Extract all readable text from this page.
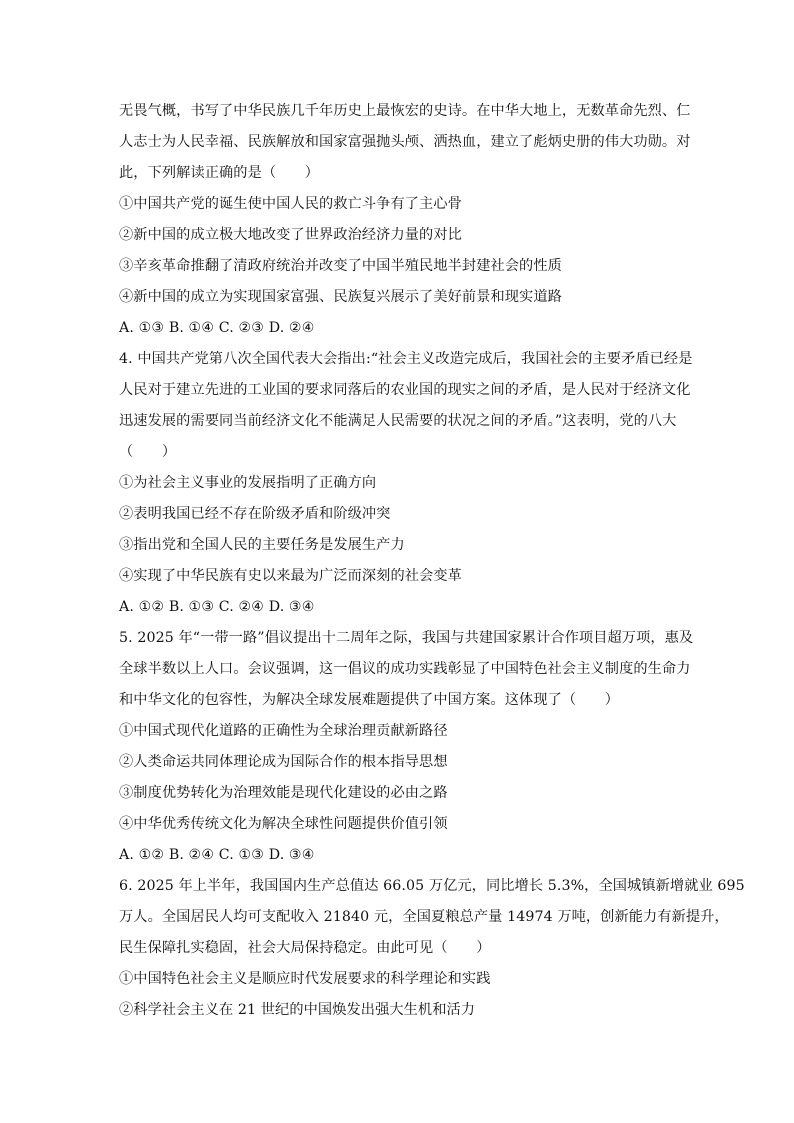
无畏气概，书写了中华民族几千年历史上最恢宏的史诗。在中华大地上，无数革命先烈、仁
人志士为人民幸福、民族解放和国家富强抛头颅、洒热血，建立了彪炳史册的伟大功勋。对
此，下列解读正确的是（　　）
①中国共产党的诞生使中国人民的救亡斗争有了主心骨
②新中国的成立极大地改变了世界政治经济力量的对比
③辛亥革命推翻了清政府统治并改变了中国半殖民地半封建社会的性质
④新中国的成立为实现国家富强、民族复兴展示了美好前景和现实道路
A. ①③ B. ①④ C. ②③ D. ②④
4. 中国共产党第八次全国代表大会指出:“社会主义改造完成后，我国社会的主要矛盾已经是
人民对于建立先进的工业国的要求同落后的农业国的现实之间的矛盾，是人民对于经济文化
迅速发展的需要同当前经济文化不能满足人民需要的状况之间的矛盾。”这表明，党的八大
（　　）
①为社会主义事业的发展指明了正确方向
②表明我国已经不存在阶级矛盾和阶级冲突
③指出党和全国人民的主要任务是发展生产力
④实现了中华民族有史以来最为广泛而深刻的社会变革
A. ①② B. ①③ C. ②④ D. ③④
5. 2025 年“一带一路”倡议提出十二周年之际，我国与共建国家累计合作项目超万项，惠及
全球半数以上人口。会议强调，这一倡议的成功实践彰显了中国特色社会主义制度的生命力
和中华文化的包容性，为解决全球发展难题提供了中国方案。这体现了（　　）
①中国式现代化道路的正确性为全球治理贡献新路径
②人类命运共同体理论成为国际合作的根本指导思想
③制度优势转化为治理效能是现代化建设的必由之路
④中华优秀传统文化为解决全球性问题提供价值引领
A. ①② B. ②④ C. ①③ D. ③④
6. 2025 年上半年，我国国内生产总值达 66.05 万亿元，同比增长 5.3%，全国城镇新增就业 695
万人。全国居民人均可支配收入 21840 元，全国夏粮总产量 14974 万吨，创新能力有新提升，
民生保障扎实稳固，社会大局保持稳定。由此可见（　　）
①中国特色社会主义是顺应时代发展要求的科学理论和实践
②科学社会主义在 21 世纪的中国焕发出强大生机和活力
